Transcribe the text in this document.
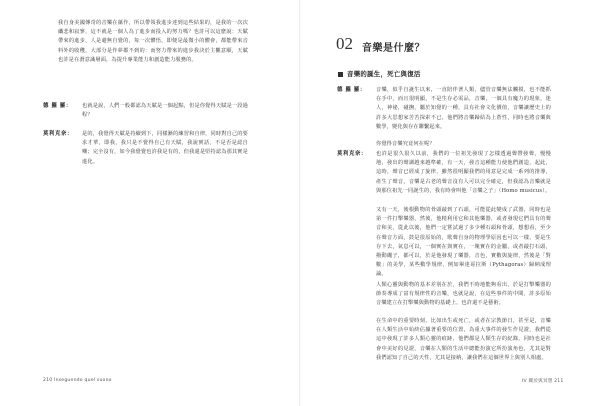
我自身美國傳奇的音樂在蘊作，所以帶領我進步達到這些結果的，是我的一次次纖悲和寂寥，這不就是一個人為了進步而投入的努力嗎？也許可以這麼說：天賦帶來的進步，人是避無自覺的，每一次體悟，即便是最微小的體會，都能帶來音料外的收穫，大部分是作夢都不到的：而努力帶來的進步我決於主觀意願，天賦也許是在潛意識層面，為提升專業能力和創造能力服務的。
德 羅 羅： 也就是說，人們一般都認為天賦是一個起點，但是你覺得天賦是一段過程？
莫利克奈： 是的，我覺得天賦是持續到下，同樣漸的練習和自律，同時對自己的要求才華，即我，我只是不覺得自己有天賦，我說實話，不是否是認自嘲；完全沒有，如今我覺覺也許我是有的，但我還是堅持認為那其實是進化。
210 Inseguendo quel suono
02 音樂是什麼？
音樂的誕生，死亡與復活
德 羅 羅： 音樂，似乎自誕生以來，一直陪伴著人類，儘管音樂無法觸摸，也不能抓在手中，而且很明顯，不是生存必需品，音樂，一個具有魔力的現象，迷人，神祕，碰撫，屬於知覺的一種，具有社會文化價值，音樂讓歷史上的許多大思想家苦苦探索不已，他們將音樂歸結為上蒼性，同時也將音樂與數學，變化與存在聯繫起來。
你覺得音樂究竟何在呢？
莫利克奈： 也許是很久很久以前，我們的一位祖先發現了怎樣透過聲帶發聲，慢慢地，發出的聲調越來越準確，有一天，發音這種能力使他們創造，起此，這時，聲音已經成了旋律，雖然很明顯我們的用意是完成一系列的推導，產生了聲音，音樂是古老的聲音沒有人可以完全確定，但我認為音樂就是與那位祖先一同誕生的，我有時會叫他「音樂之子」（Homo musicus）。
又有一天，後根動物的骨頭敲到了石頭，可能從此變成了武器，同時也是第一件打擊樂器，然後，他精利用它和其他樂器，或者發現它們具有的聲音和美，從此以後，他們一定嘗試過了多少種石頭和骨頭，想想看，至少在聲音方面，鼓是很原始的，歌聲自身的物理學原因也可以一樣，要是生存下去，氣息可以，一個實在與實在，一塊實在的金屬，或者敲打石頭，撥動繩子，都可以，於是他發現了樂器，音色，實數與旋律，然後是「對數」的美學，某些數學規律，例如畢達哥拉斯（Pythagoras）歸納成理論。
人類心靈與動物的基本差別在於，我們不時地能夠看出，於是打擊樂器的節奏導成了富有規律性的音樂，也就是說，在這些事件的中間，許多原始音樂建立在打擊樂與動物的基礎上，也許還不是藝術。
在生命中的重要時刻，比如出生或死亡，或者在宗教節日，甚至是，音樂在人類生活中始終佔據著重要的位置，為重大事件的發生作見證，我們從這中發現了許多人類心靈的痕跡，他們都是人類生存的紀錄，同時也是社會中美好的見證，音樂在人類的生活中總能扮演它所扮演角色，尤其是對我們認知了自己的天性，尤其是接納，讓我們在這個世界上與別人相處。
IV 關於與冥想 211
